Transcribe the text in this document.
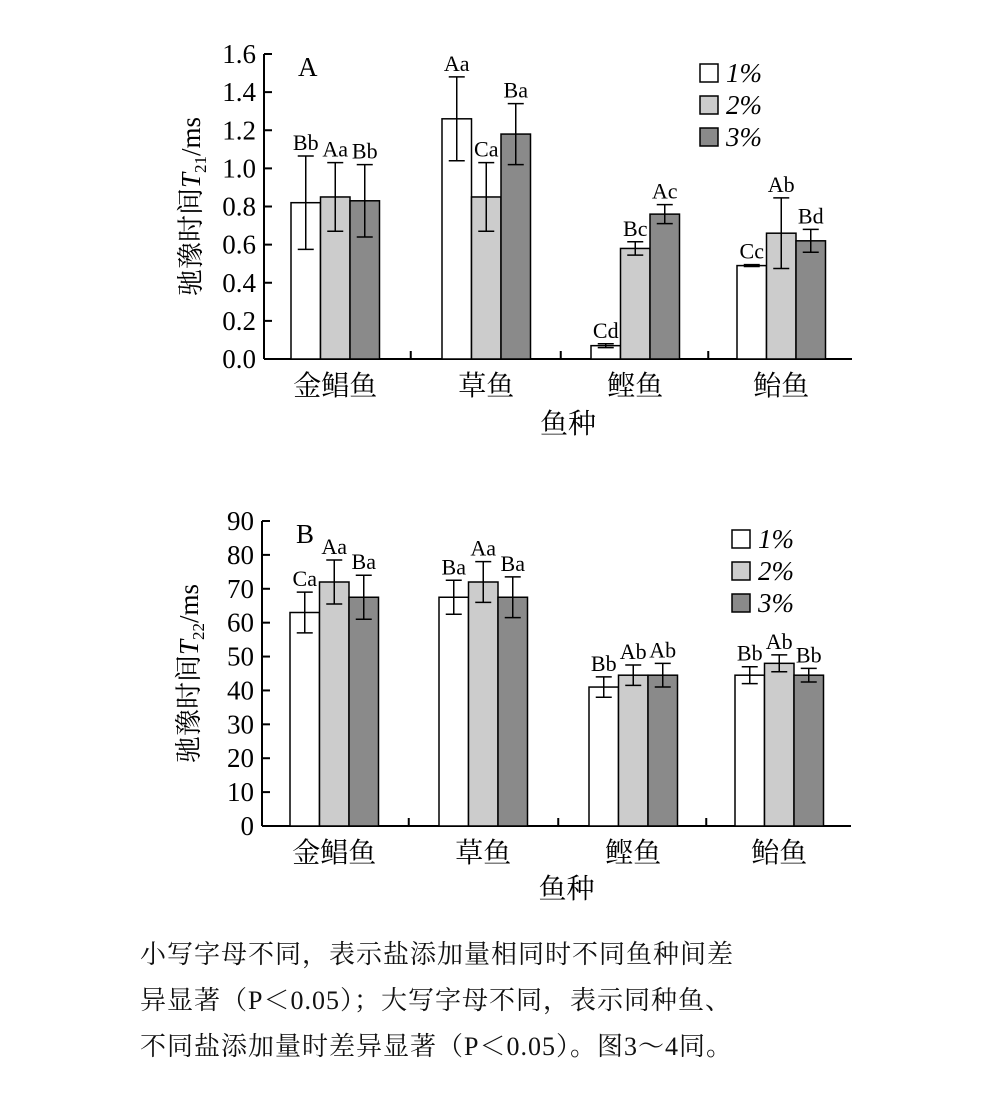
0.0
0.2
0.4
0.6
0.8
1.0
1.2
1.4
1.6 A
驰豫时间$T_{21}/ms$
金鲳鱼	草鱼	鲣鱼	鲐鱼
鱼种
Bb
Aa
Cd
Cc
Aa	Ca
Bc
Ab
Bb
Ba
Ac
Bd
1%
2%
3%
0
10
20
30
40
50
60
70
80
90 B
驰豫时间$T_{22}/ms$
金鲳鱼	草鱼	鲣鱼	鲐鱼
鱼种
Ca	Ba
Bb	Bb
Aa	Aa
Ab	Ab
Ba	Ba
Ab	Bb
1%
2%
3%

小写字母不同，表示盐添加量相同时不同鱼种间差

异显著（P＜0.05）；大写字母不同，表示同种鱼、

不同盐添加量时差异显著（P＜0.05）。图3～4同。
